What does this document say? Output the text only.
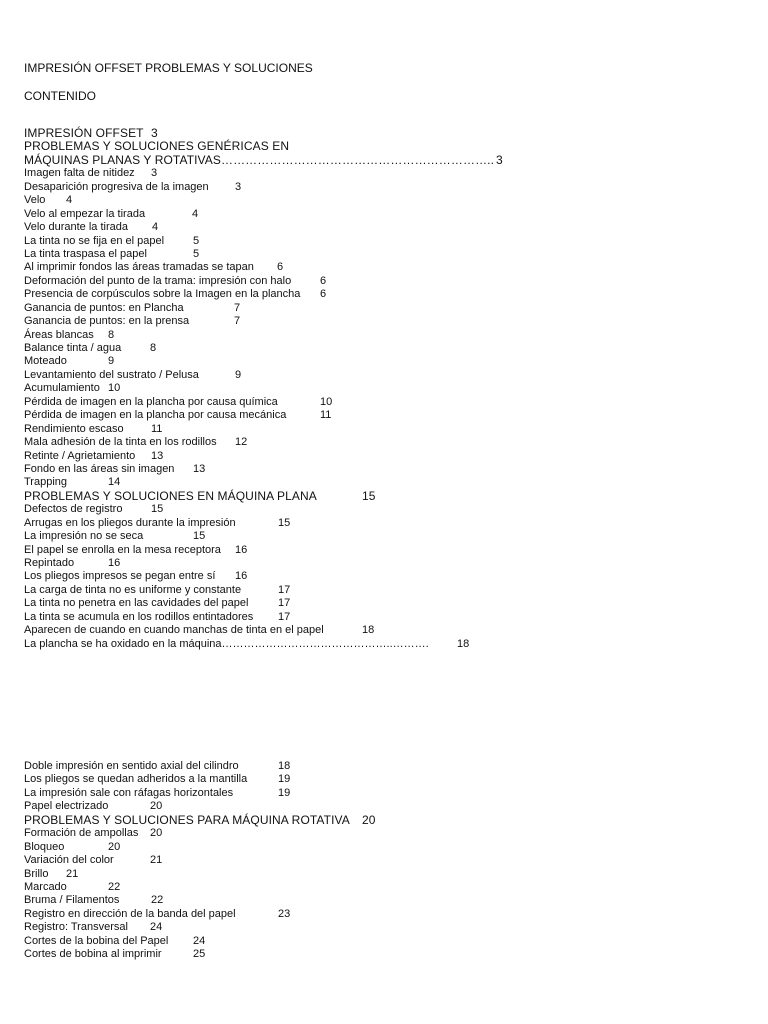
IMPRESIÓN OFFSET PROBLEMAS Y SOLUCIONES
CONTENIDO
IMPRESIÓN OFFSET 3
PROBLEMAS Y SOLUCIONES GENÉRICAS EN
MÁQUINAS PLANAS Y ROTATIVAS………………………………………………………….. 3
Imagen falta de nitidez 3
Desaparición progresiva de la imagen 3
Velo 4
Velo al empezar la tirada	4
Velo durante la tirada 4
La tinta no se fija en el papel	5
La tinta traspasa el papel	5
Al imprimir fondos las áreas tramadas se tapan 6
Deformación del punto de la trama: impresión con halo	6
Presencia de corpúsculos sobre la Imagen en la plancha 6
Ganancia de puntos: en Plancha	7
Ganancia de puntos: en la prensa	7
Áreas blancas 8
Balance tinta / agua	8
Moteado	9
Levantamiento del sustrato / Pelusa	9
Acumulamiento 10
Pérdida de imagen en la plancha por causa química	10
Pérdida de imagen en la plancha por causa mecánica	11
Rendimiento escaso 11
Mala adhesión de la tinta en los rodillos 12
Retinte / Agrietamiento 13
Fondo en las áreas sin imagen 13
Trapping	14
PROBLEMAS Y SOLUCIONES EN MÁQUINA PLANA	15
Defectos de registro	15
Arrugas en los pliegos durante la impresión	15
La impresión no se seca	15
El papel se enrolla en la mesa receptora 16
Repintado	16
Los pliegos impresos se pegan entre sí 16
La carga de tinta no es uniforme y constante	17
La tinta no penetra en las cavidades del papel	17
La tinta se acumula en los rodillos entintadores 17
Aparecen de cuando en cuando manchas de tinta en el papel	18
La plancha se ha oxidado en la máquina………………………………………..……….	18
Doble impresión en sentido axial del cilindro	18
Los pliegos se quedan adheridos a la mantilla	19
La impresión sale con ráfagas horizontales	19
Papel electrizado	20
PROBLEMAS Y SOLUCIONES PARA MÁQUINA ROTATIVA 20
Formación de ampollas 20
Bloqueo	20
Variación del color	21
Brillo 21
Marcado	22
Bruma / Filamentos	22
Registro en dirección de la banda del papel	23
Registro: Transversal 24
Cortes de la bobina del Papel 24
Cortes de bobina al imprimir	25
